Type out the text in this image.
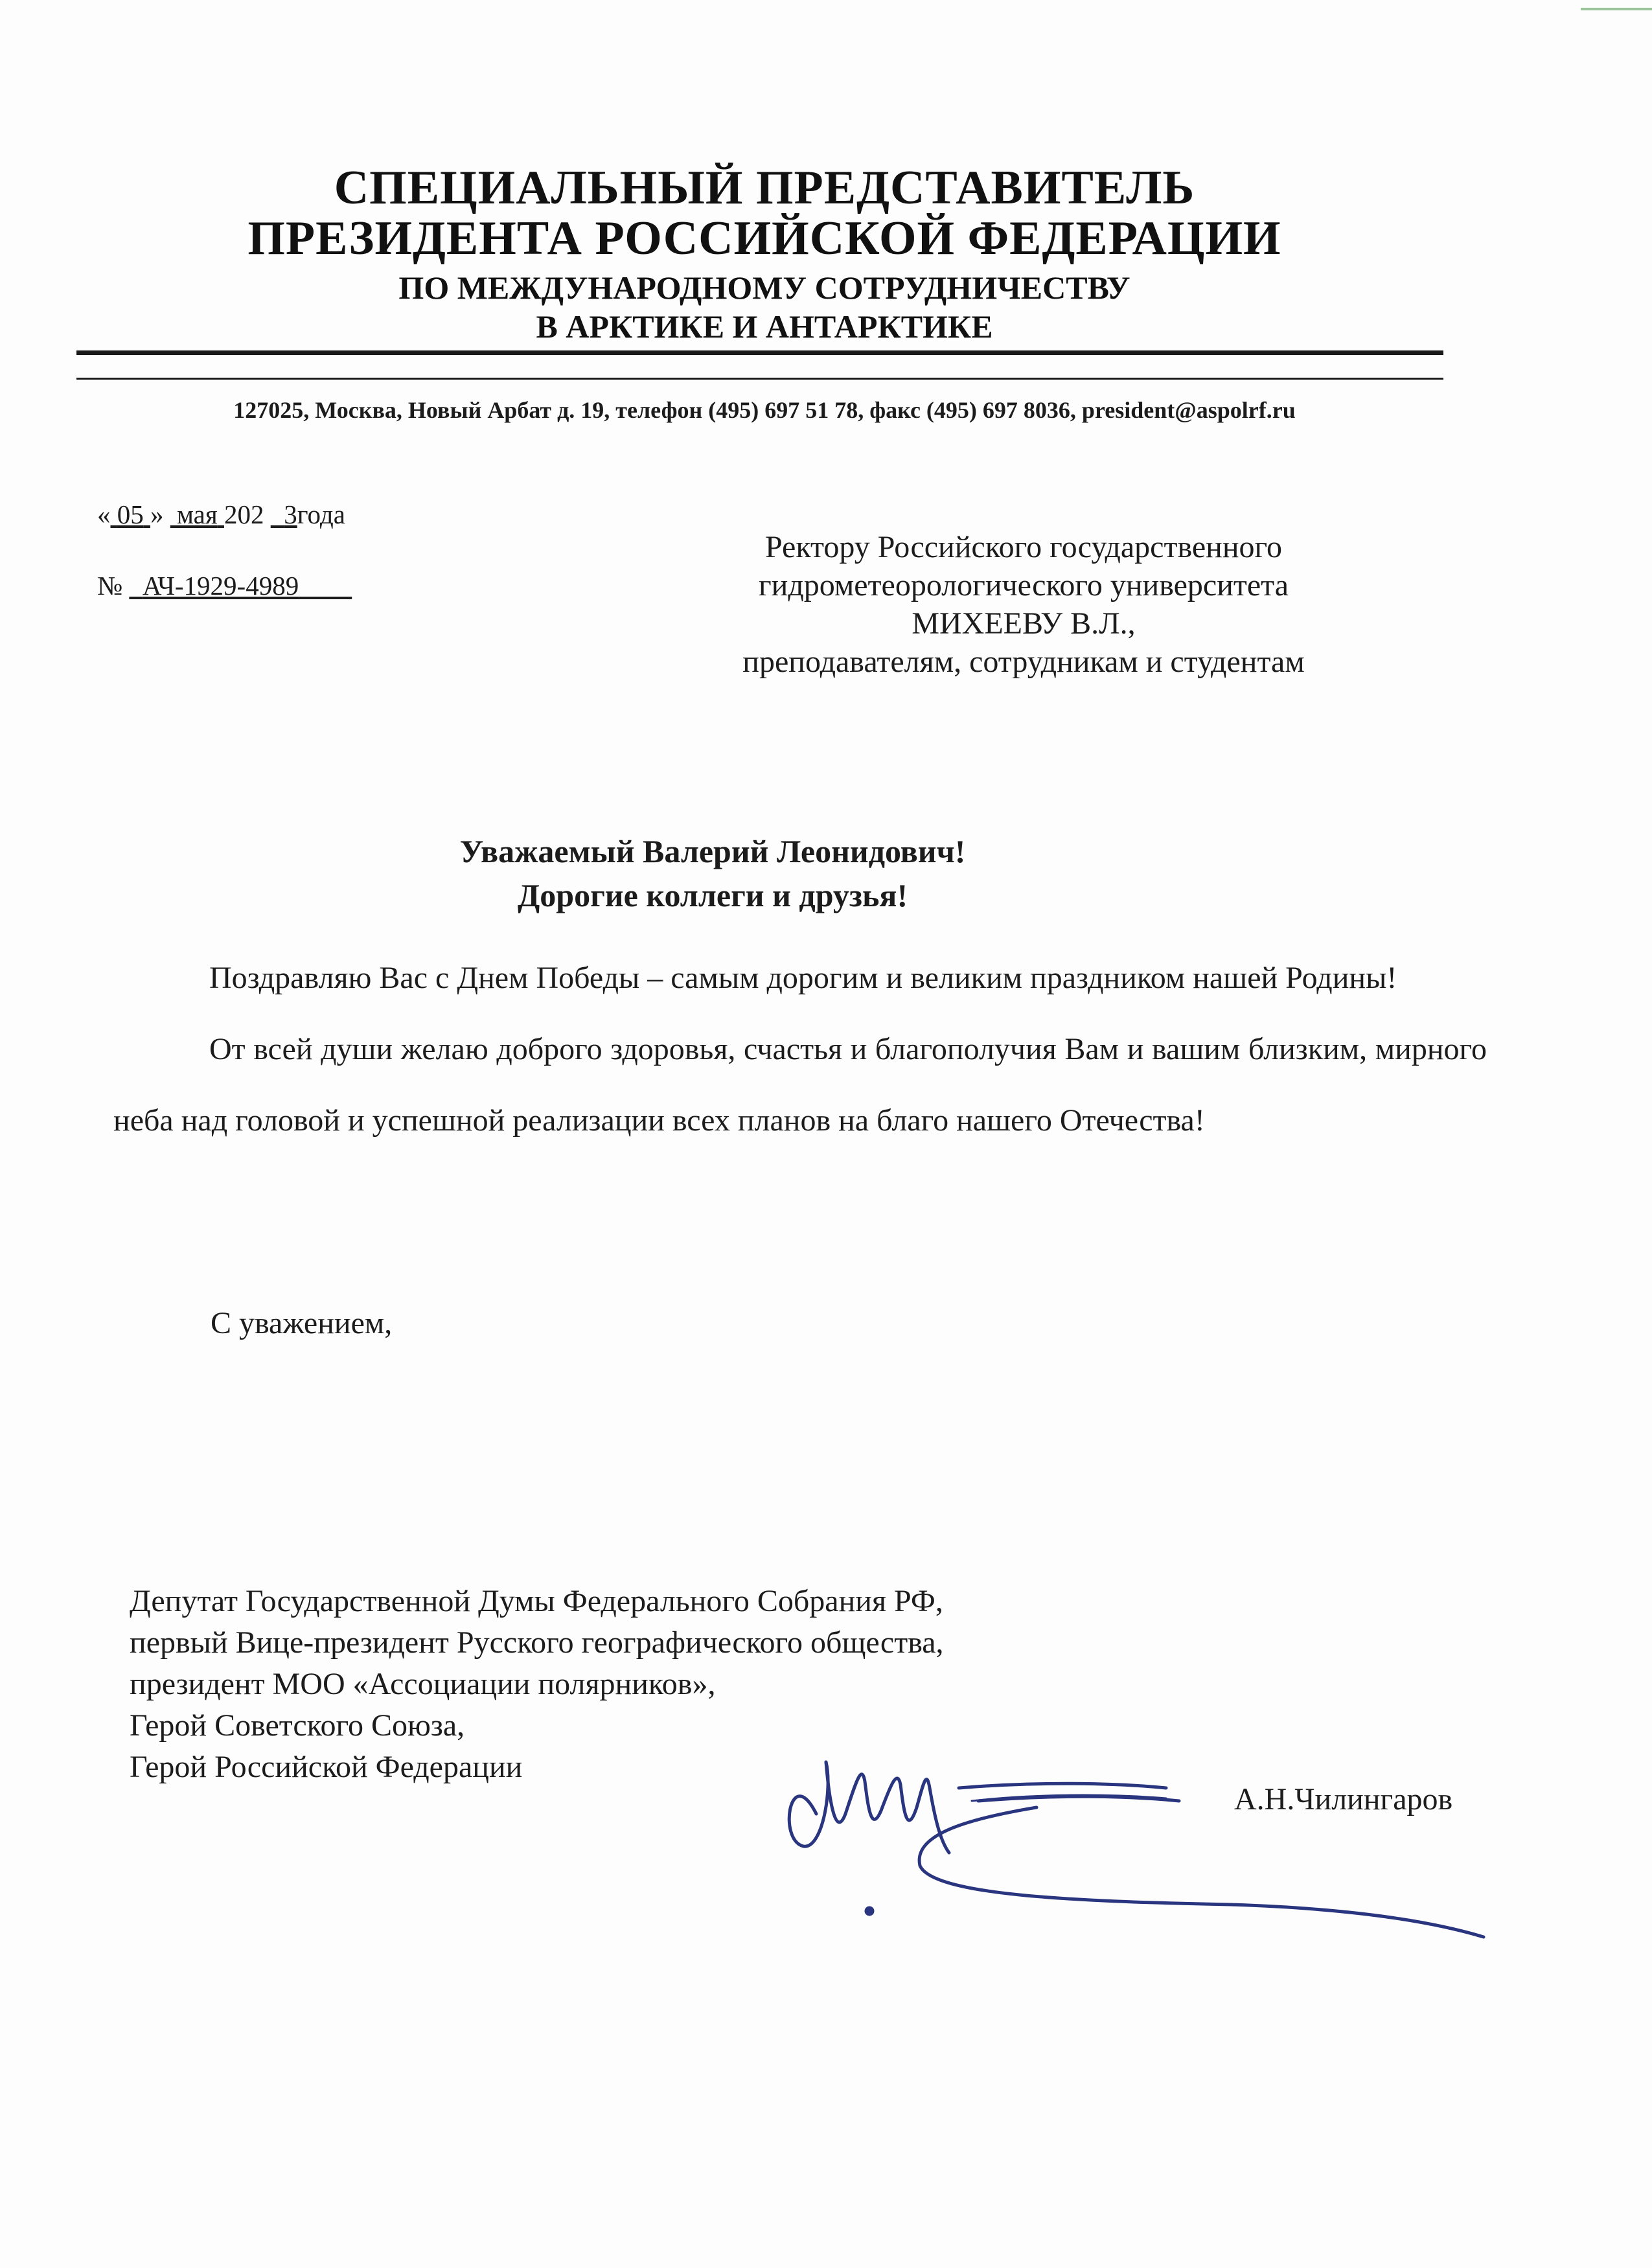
СПЕЦИАЛЬНЫЙ ПРЕДСТАВИТЕЛЬ
ПРЕЗИДЕНТА РОССИЙСКОЙ ФЕДЕРАЦИИ
ПО МЕЖДУНАРОДНОМУ СОТРУДНИЧЕСТВУ
В АРКТИКЕ И АНТАРКТИКЕ
127025, Москва, Новый Арбат д. 19, телефон (495) 697 51 78, факс (495) 697 8036, president@aspolrf.ru
« 05 » мая 202 3года
№ АЧ-1929-4989
Ректору Российского государственного
гидрометеорологического университета
МИХЕЕВУ В.Л.,
преподавателям, сотрудникам и студентам
Уважаемый Валерий Леонидович!
Дорогие коллеги и друзья!

Поздравляю Вас с Днем Победы – самым дорогим и великим праздником нашей Родины!

От всей души желаю доброго здоровья, счастья и благополучия Вам и вашим близким, мирного неба над головой и успешной реализации всех планов на благо нашего Отечества!

С уважением,
Депутат Государственной Думы Федерального Собрания РФ,
первый Вице-президент Русского географического общества,
президент МОО «Ассоциации полярников»,
Герой Советского Союза,
Герой Российской Федерации
А.Н.Чилингаров
